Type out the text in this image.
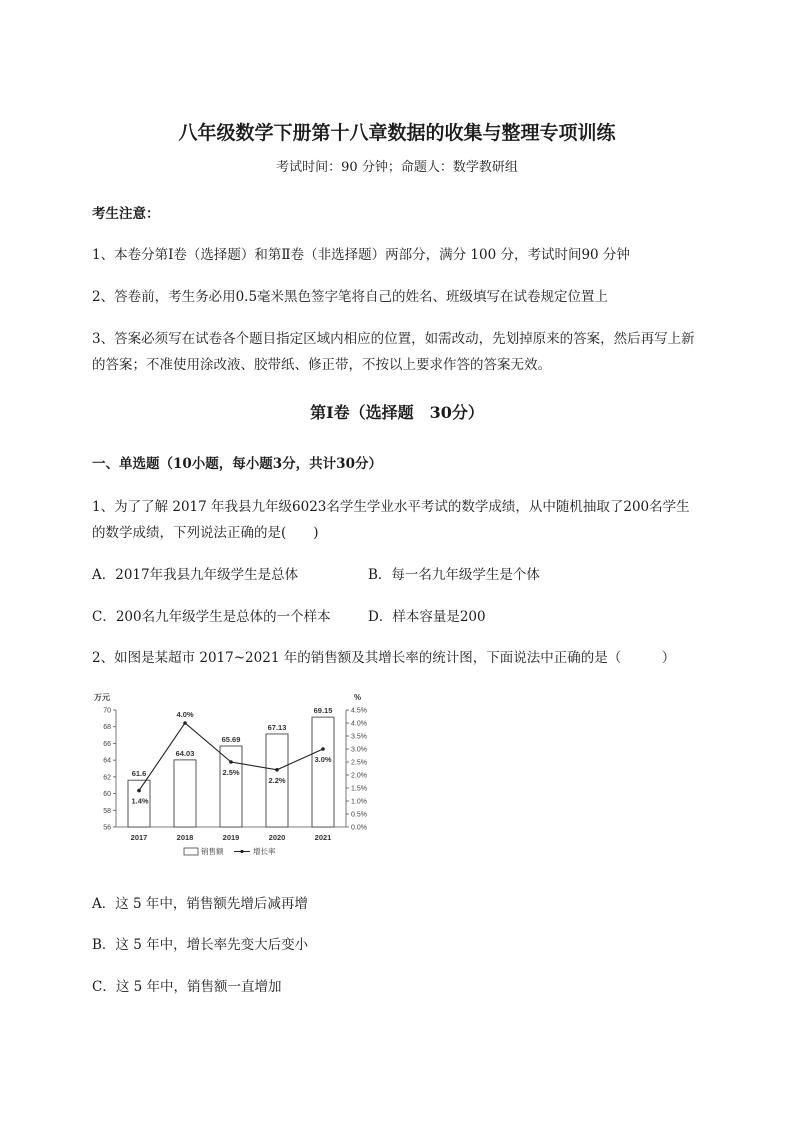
八年级数学下册第十八章数据的收集与整理专项训练
考试时间：90 分钟；命题人：数学教研组
考生注意：
1、本卷分第Ⅰ卷（选择题）和第Ⅱ卷（非选择题）两部分，满分 100 分，考试时间90 分钟
2、答卷前，考生务必用0.5毫米黑色签字笔将自己的姓名、班级填写在试卷规定位置上
3、答案必须写在试卷各个题目指定区域内相应的位置，如需改动，先划掉原来的答案，然后再写上新
的答案；不准使用涂改液、胶带纸、修正带，不按以上要求作答的答案无效。
第Ⅰ卷（选择题　30分）
一、单选题（10小题，每小题3分，共计30分）
1、为了了解 2017 年我县九年级6023名学生学业水平考试的数学成绩，从中随机抽取了200名学生
的数学成绩，下列说法正确的是(　　)
A．2017年我县九年级学生是总体	B．每一名九年级学生是个体
C．200名九年级学生是总体的一个样本	D．样本容量是200
2、如图是某超市 2017~2021 年的销售额及其增长率的统计图，下面说法中正确的是（　　　）
56
58
60
62
64
66
68
70
0.0%
0.5%
1.0%
1.5%
2.0%
2.5%
3.0%
3.5%
4.0%
4.5%
万元	%
61.6
64.03
65.69
67.13
69.15
2017	2018	2019	2020	2021
1.4%
4.0%
2.5%
2.2%
3.0%
销售额	增长率
A．这 5 年中，销售额先增后减再增
B．这 5 年中，增长率先变大后变小
C．这 5 年中，销售额一直增加
